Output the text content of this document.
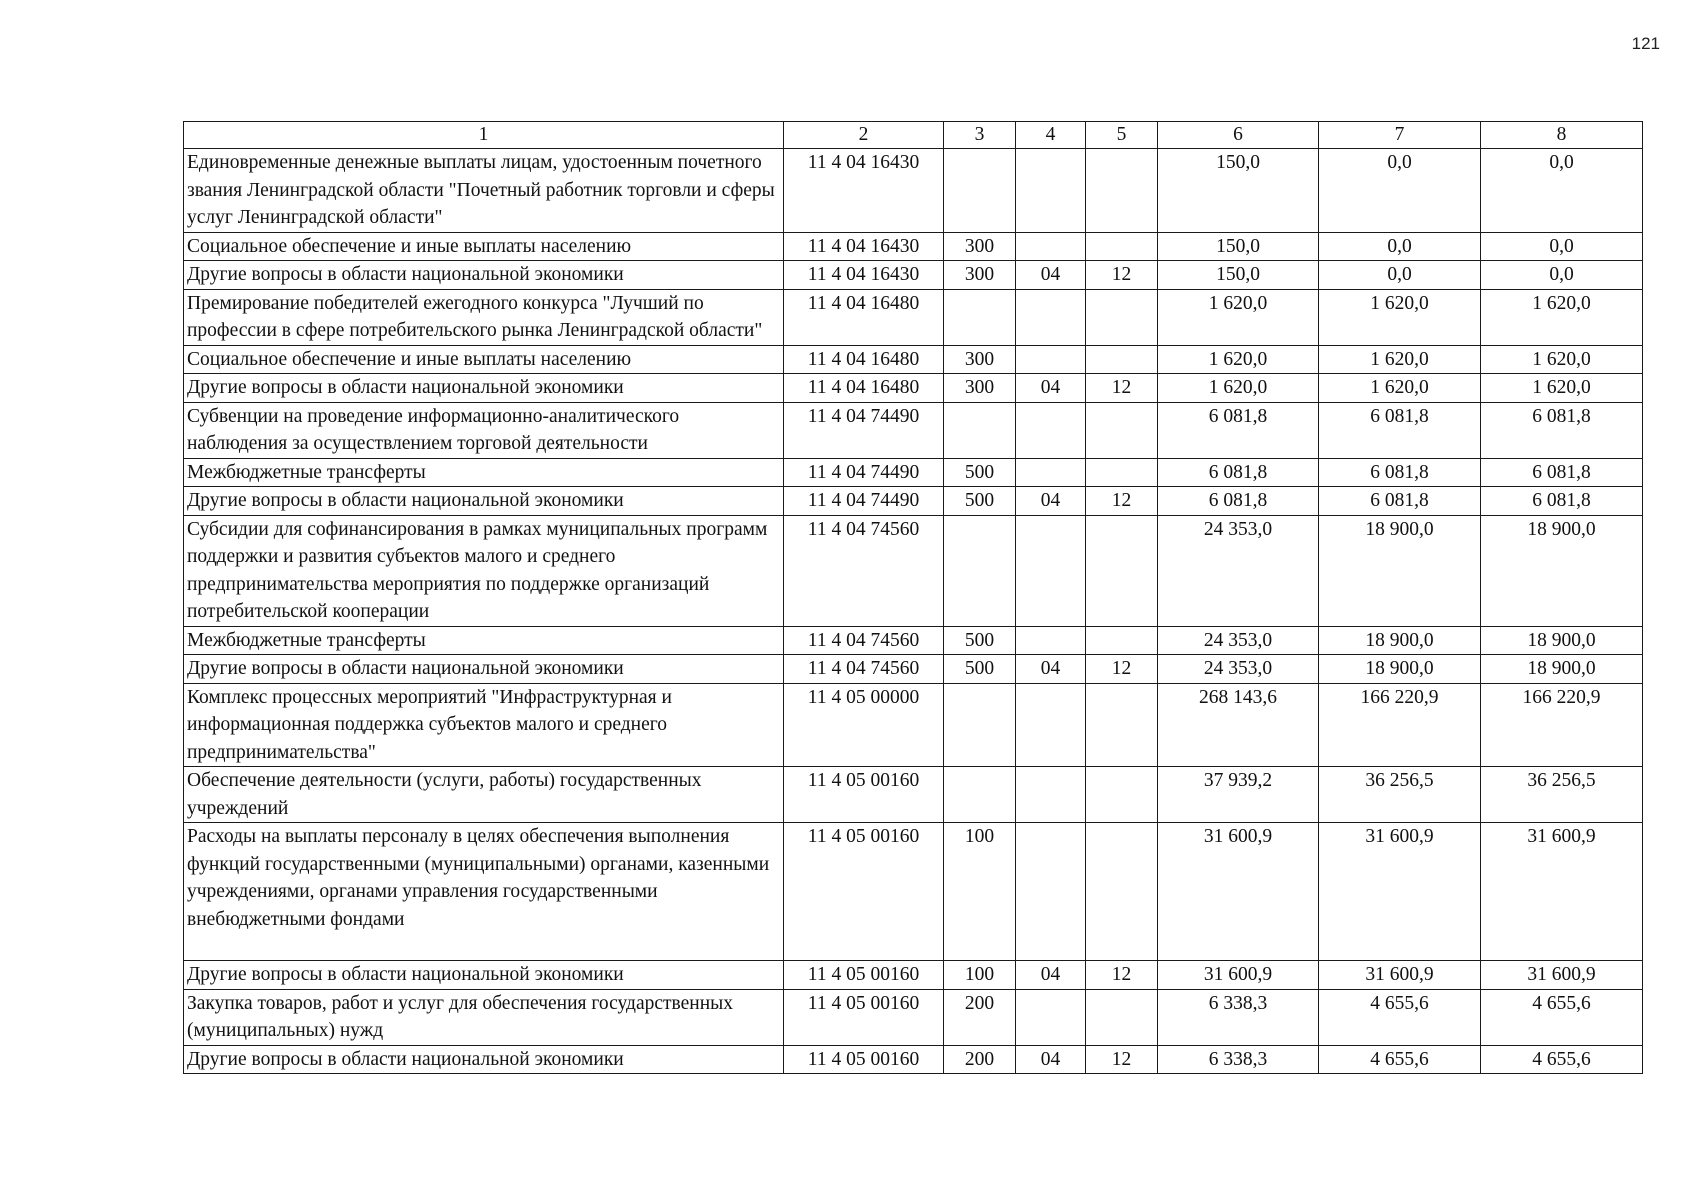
121
1	2	3	4	5	6	7	8
Единовременные денежные выплаты лицам, удостоенным почетного звания Ленинградской области "Почетный работник торговли и сферы услуг Ленинградской области"	11 4 04 16430				150,0	0,0	0,0
Социальное обеспечение и иные выплаты населению	11 4 04 16430	300			150,0	0,0	0,0
Другие вопросы в области национальной экономики	11 4 04 16430	300	04	12	150,0	0,0	0,0
Премирование победителей ежегодного конкурса "Лучший по профессии в сфере потребительского рынка Ленинградской области"	11 4 04 16480				1 620,0	1 620,0	1 620,0
Социальное обеспечение и иные выплаты населению	11 4 04 16480	300			1 620,0	1 620,0	1 620,0
Другие вопросы в области национальной экономики	11 4 04 16480	300	04	12	1 620,0	1 620,0	1 620,0
Субвенции на проведение информационно-аналитического наблюдения за осуществлением торговой деятельности	11 4 04 74490				6 081,8	6 081,8	6 081,8
Межбюджетные трансферты	11 4 04 74490	500			6 081,8	6 081,8	6 081,8
Другие вопросы в области национальной экономики	11 4 04 74490	500	04	12	6 081,8	6 081,8	6 081,8
Субсидии для софинансирования в рамках муниципальных программ поддержки и развития субъектов малого и среднего предпринимательства мероприятия по поддержке организаций потребительской кооперации	11 4 04 74560				24 353,0	18 900,0	18 900,0
Межбюджетные трансферты	11 4 04 74560	500			24 353,0	18 900,0	18 900,0
Другие вопросы в области национальной экономики	11 4 04 74560	500	04	12	24 353,0	18 900,0	18 900,0
Комплекс процессных мероприятий "Инфраструктурная и информационная поддержка субъектов малого и среднего предпринимательства"	11 4 05 00000				268 143,6	166 220,9	166 220,9
Обеспечение деятельности (услуги, работы) государственных учреждений	11 4 05 00160				37 939,2	36 256,5	36 256,5
Расходы на выплаты персоналу в целях обеспечения выполнения функций государственными (муниципальными) органами, казенными учреждениями, органами управления государственными внебюджетными фондами	11 4 05 00160	100			31 600,9	31 600,9	31 600,9
Другие вопросы в области национальной экономики	11 4 05 00160	100	04	12	31 600,9	31 600,9	31 600,9
Закупка товаров, работ и услуг для обеспечения государственных (муниципальных) нужд	11 4 05 00160	200			6 338,3	4 655,6	4 655,6
Другие вопросы в области национальной экономики	11 4 05 00160	200	04	12	6 338,3	4 655,6	4 655,6
